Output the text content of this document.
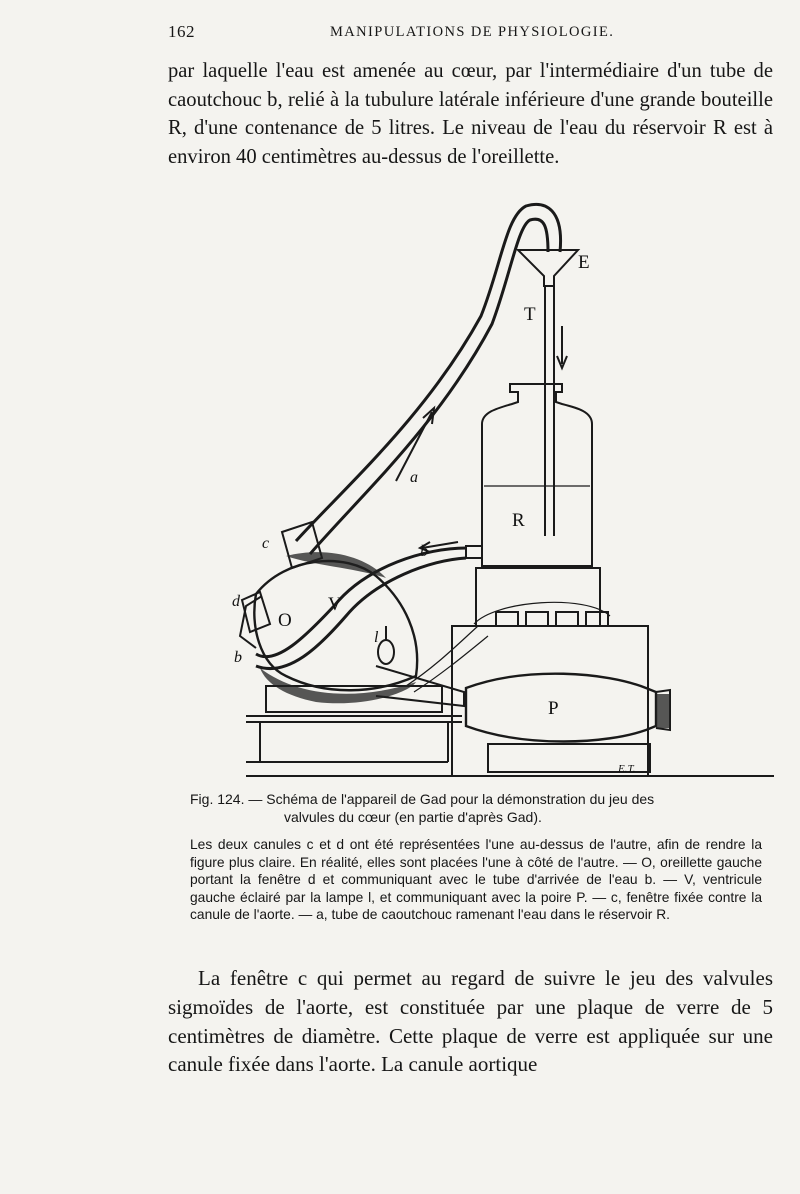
162	MANIPULATIONS DE PHYSIOLOGIE.

par laquelle l'eau est amenée au cœur, par l'intermédiaire d'un tube de caoutchouc b, relié à la tubulure latérale inférieure d'une grande bouteille R, d'une contenance de 5 litres. Le niveau de l'eau du réservoir R est à environ 40 centimètres au-dessus de l'oreillette.

E
T
R
a
b
c
d
b
O
V
l
P
E.T.

Fig. 124. — Schéma de l'appareil de Gad pour la démonstration du jeu des
valvules du cœur (en partie d'après Gad).

Les deux canules c et d ont été représentées l'une au-dessus de l'autre, afin de rendre la figure plus claire. En réalité, elles sont placées l'une à côté de l'autre. — O, oreillette gauche portant la fenêtre d et communiquant avec le tube d'arrivée de l'eau b. — V, ventricule gauche éclairé par la lampe l, et communiquant avec la poire P. — c, fenêtre fixée contre la canule de l'aorte. — a, tube de caoutchouc ramenant l'eau dans le réservoir R.

La fenêtre c qui permet au regard de suivre le jeu des valvules sigmoïdes de l'aorte, est constituée par une plaque de verre de 5 centimètres de diamètre. Cette plaque de verre est appliquée sur une canule fixée dans l'aorte. La canule aortique
